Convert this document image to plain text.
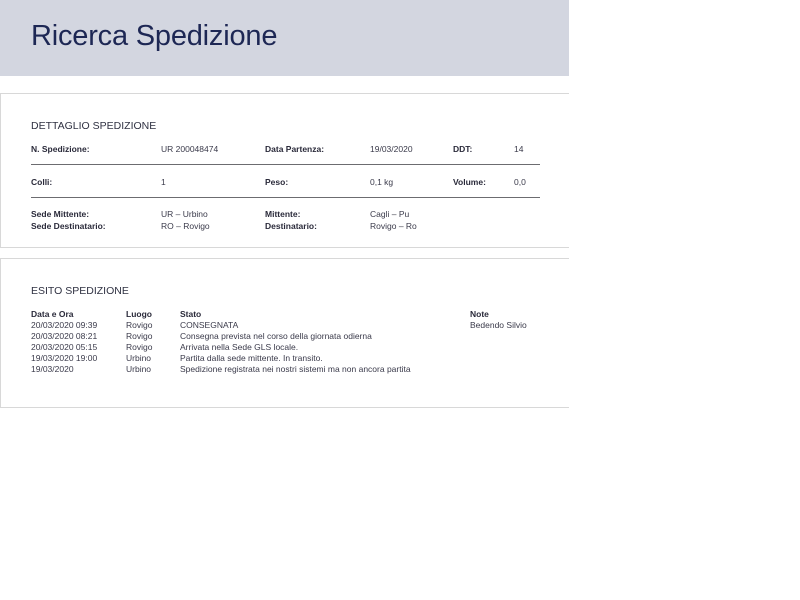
Ricerca Spedizione
DETTAGLIO SPEDIZIONE
N. Spedizione:	UR 200048474	Data Partenza:	19/03/2020	DDT:	14
Colli:	1	Peso:	0,1 kg	Volume:	0,0
Sede Mittente:	UR – Urbino	Mittente:	Cagli – Pu
Sede Destinatario:	RO – Rovigo	Destinatario:	Rovigo – Ro
ESITO SPEDIZIONE
Data e Ora	Luogo	Stato	Note
20/03/2020 09:39	Rovigo	CONSEGNATA	Bedendo Silvio
20/03/2020 08:21	Rovigo	Consegna prevista nel corso della giornata odierna
20/03/2020 05:15	Rovigo	Arrivata nella Sede GLS locale.
19/03/2020 19:00	Urbino	Partita dalla sede mittente. In transito.
19/03/2020	Urbino	Spedizione registrata nei nostri sistemi ma non ancora partita
